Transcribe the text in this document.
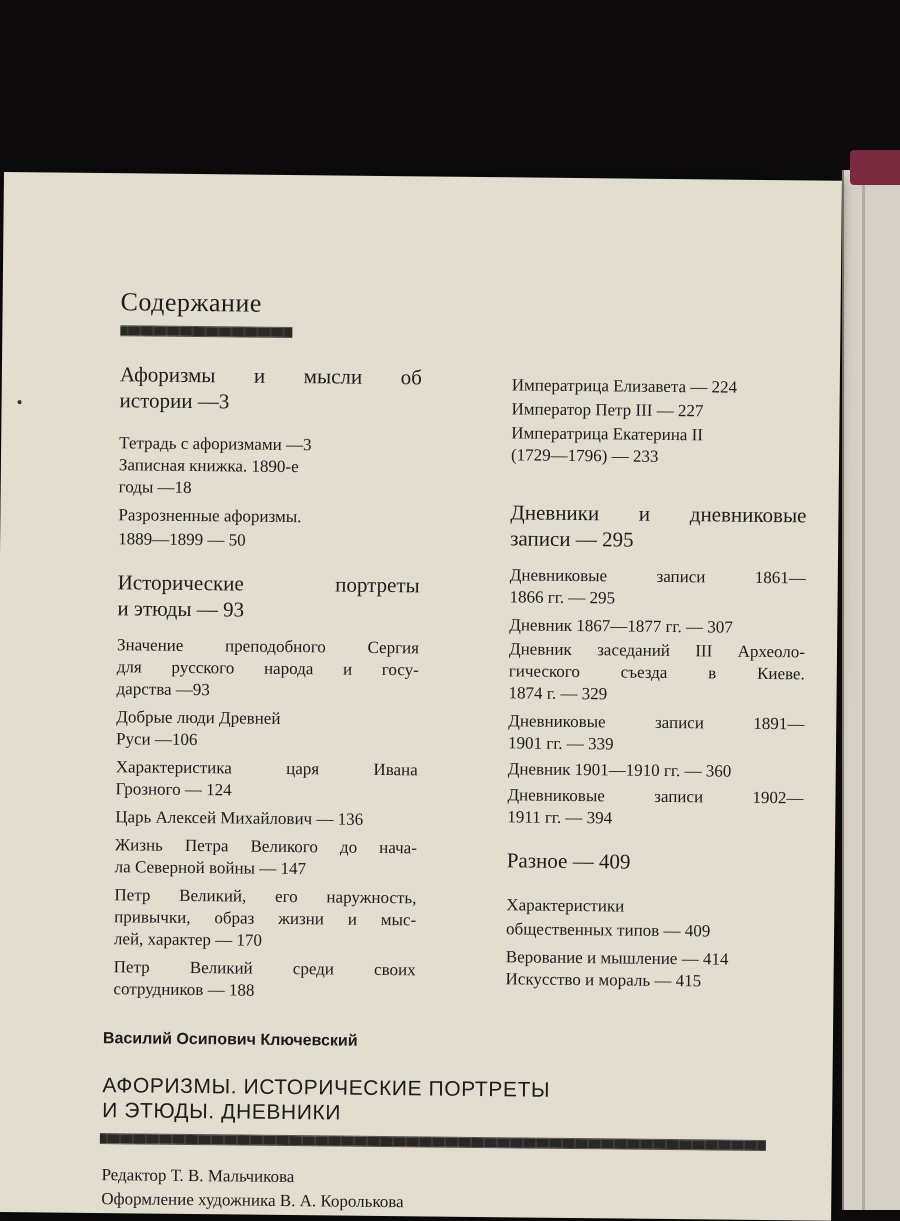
Содержание
Афоризмы и мысли об
истории —3
Тетрадь с афоризмами —3
Записная книжка. 1890-е
годы —18
Разрозненные афоризмы.
1889—1899 — 50
Исторические портреты
и этюды — 93
Значение преподобного Сергия
для русского народа и госу-
дарства —93
Добрые люди Древней
Руси —106
Характеристика царя Ивана
Грозного — 124
Царь Алексей Михайлович — 136
Жизнь Петра Великого до нача-
ла Северной войны — 147
Петр Великий, его наружность,
привычки, образ жизни и мыс-
лей, характер — 170
Петр Великий среди своих
сотрудников — 188
Императрица Елизавета — 224
Император Петр III — 227
Императрица Екатерина II
(1729—1796) — 233
Дневники и дневниковые
записи — 295
Дневниковые записи 1861—
1866 гг. — 295
Дневник 1867—1877 гг. — 307
Дневник заседаний III Археоло-
гического съезда в Киеве.
1874 г. — 329
Дневниковые записи 1891—
1901 гг. — 339
Дневник 1901—1910 гг. — 360
Дневниковые записи 1902—
1911 гг. — 394
Разное — 409
Характеристики
общественных типов — 409
Верование и мышление — 414
Искусство и мораль — 415
Василий Осипович Ключевский
АФОРИЗМЫ. ИСТОРИЧЕСКИЕ ПОРТРЕТЫ
И ЭТЮДЫ. ДНЕВНИКИ
Редактор Т. В. Мальчикова
Оформление художника В. А. Королькова
